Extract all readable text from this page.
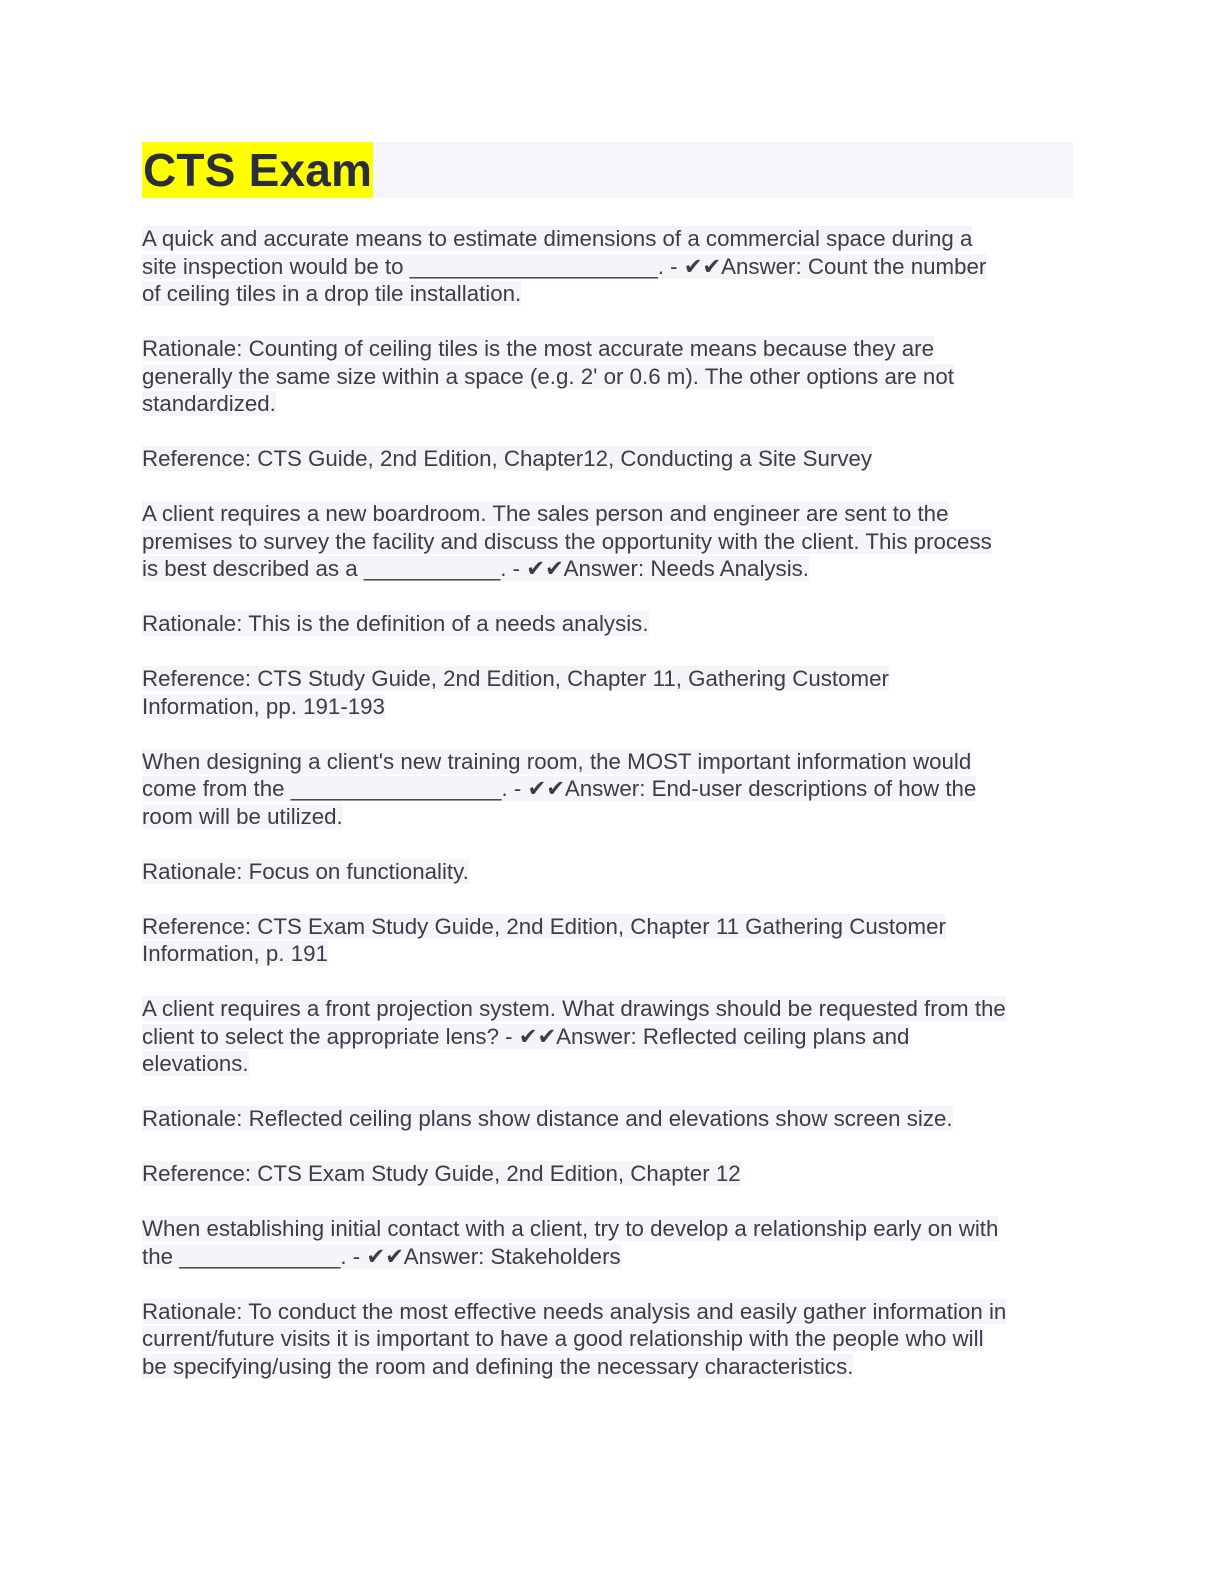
CTS Exam
A quick and accurate means to estimate dimensions of a commercial space during a
site inspection would be to ____________________. - ✔✔Answer: Count the number
of ceiling tiles in a drop tile installation.
Rationale: Counting of ceiling tiles is the most accurate means because they are
generally the same size within a space (e.g. 2' or 0.6 m). The other options are not
standardized.
Reference: CTS Guide, 2nd Edition, Chapter12, Conducting a Site Survey
A client requires a new boardroom. The sales person and engineer are sent to the
premises to survey the facility and discuss the opportunity with the client. This process
is best described as a ___________. - ✔✔Answer: Needs Analysis.
Rationale: This is the definition of a needs analysis.
Reference: CTS Study Guide, 2nd Edition, Chapter 11, Gathering Customer
Information, pp. 191-193
When designing a client's new training room, the MOST important information would
come from the _________________. - ✔✔Answer: End-user descriptions of how the
room will be utilized.
Rationale: Focus on functionality.
Reference: CTS Exam Study Guide, 2nd Edition, Chapter 11 Gathering Customer
Information, p. 191
A client requires a front projection system. What drawings should be requested from the
client to select the appropriate lens? - ✔✔Answer: Reflected ceiling plans and
elevations.
Rationale: Reflected ceiling plans show distance and elevations show screen size.
Reference: CTS Exam Study Guide, 2nd Edition, Chapter 12
When establishing initial contact with a client, try to develop a relationship early on with
the _____________. - ✔✔Answer: Stakeholders
Rationale: To conduct the most effective needs analysis and easily gather information in
current/future visits it is important to have a good relationship with the people who will
be specifying/using the room and defining the necessary characteristics.
